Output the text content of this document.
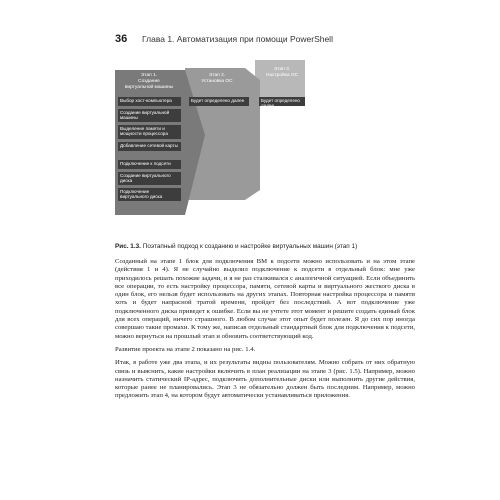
36 Глава 1. Автоматизация при помощи PowerShell
Этап 1.
Создание
виртуальной машины
Этап 2.
Установка ОС
Этап 3.
Настройка ОС
Выбор хост-компьютера
Создание виртуальной машины
Выделение памяти и мощности процессора
Добавление сетевой карты
Подключение к подсети
Создание виртуального диска
Подключение виртуального диска
Будет определено далее	Будет определено далее
Рис. 1.3. Поэтапный подход к созданию и настройке виртуальных машин (этап 1)

Созданный на этапе 1 блок для подключения ВМ к подсети можно использовать и на этом этапе (действия 1 и 4). Я не случайно выделил подключение к подсети в отдельный блок: мне уже приходилось решать похожие задачи, и я не раз сталкивался с аналогичной ситуацией. Если объединить все операции, то есть настройку процессора, памяти, сетевой карты и виртуального жесткого диска в один блок, его нельзя будет использовать на других этапах. Повторная настройка процессора и памяти хоть и будет напрасной тратой времени, пройдет без последствий. А вот подключение уже подключенного диска приведет к ошибке. Если вы не учтете этот момент и решите создать единый блок для всех операций, ничего страшного. В любом случае этот опыт будет полезен. Я до сих пор иногда совершаю такие промахи. К тому же, написав отдельный стандартный блок для подключения к подсети, можно вернуться на прошлый этап и обновить соответствующий код.

Развитие проекта на этапе 2 показано на рис. 1.4.

Итак, в работе уже два этапа, и их результаты видны пользователям. Можно собрать от них обратную связь и выяснить, какие настройки включить в план реализации на этапе 3 (рис. 1.5). Например, можно назначить статический IP-адрес, подключить дополнительные диски или выполнить другие действия, которые ранее не планировались. Этап 3 не обязательно должен быть последним. Например, можно предложить этап 4, на котором будут автоматически устанавливаться приложения.
